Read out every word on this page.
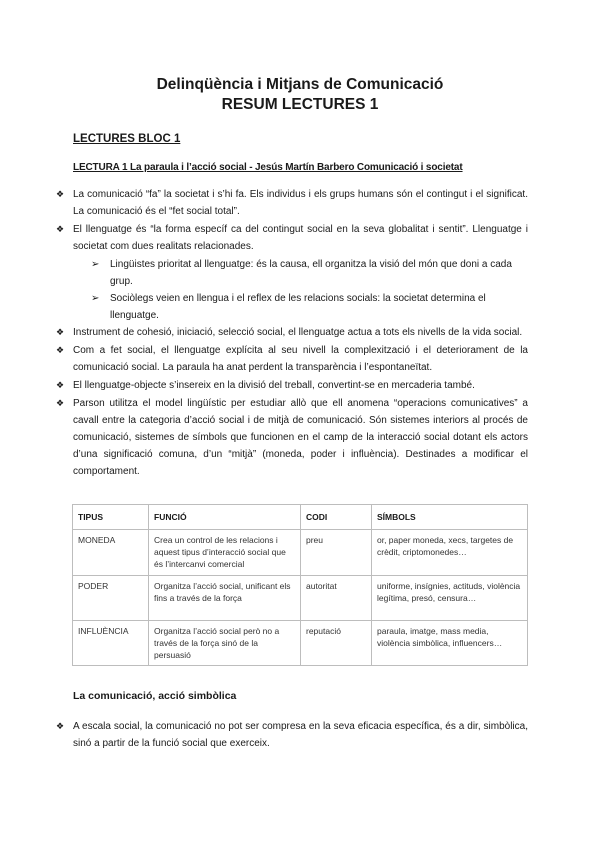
Delinqüència i Mitjans de Comunicació
RESUM LECTURES 1
LECTURES BLOC 1
LECTURA 1 La paraula i l’acció social - Jesús Martín Barbero Comunicació i societat
❖ La comunicació “fa” la societat i s’hi fa. Els individus i els grups humans són el contingut i el significat. La comunicació és el “fet social total”.
❖ El llenguatge és “la forma específ ca del contingut social en la seva globalitat i sentit”. Llenguatge i societat com dues realitats relacionades.
➢ Lingüistes prioritat al llenguatge: és la causa, ell organitza la visió del món que doni a cada grup.
➢ Sociòlegs veien en llengua i el reflex de les relacions socials: la societat determina el llenguatge.
❖ Instrument de cohesió, iniciació, selecció social, el llenguatge actua a tots els nivells de la vida social.
❖ Com a fet social, el llenguatge explícita al seu nivell la complexització i el deteriorament de la comunicació social. La paraula ha anat perdent la transparència i l’espontaneïtat.
❖ El llenguatge-objecte s’insereix en la divisió del treball, convertint-se en mercaderia també.
❖ Parson utilitza el model lingüístic per estudiar allò que ell anomena “operacions comunicatives” a cavall entre la categoria d’acció social i de mitjà de comunicació. Són sistemes interiors al procés de comunicació, sistemes de símbols que funcionen en el camp de la interacció social dotant els actors d’una significació comuna, d’un “mitjà” (moneda, poder i influència). Destinades a modificar el comportament.
TIPUS	FUNCIÓ	CODI	SÍMBOLS
MONEDA	Crea un control de les relacions i aquest tipus d’interacció social que és l’intercanvi comercial	preu	or, paper moneda, xecs, targetes de crèdit, criptomonedes…
PODER	Organitza l’acció social, unificant els fins a través de la força	autoritat	uniforme, insígnies, actituds, violència legítima, presó, censura…
INFLUÈNCIA	Organitza l’acció social però no a través de la força sinó de la persuasió	reputació	paraula, imatge, mass media, violència simbòlica, influencers…
La comunicació, acció simbòlica
❖ A escala social, la comunicació no pot ser compresa en la seva eficacia específica, és a dir, simbòlica, sinó a partir de la funció social que exerceix.
